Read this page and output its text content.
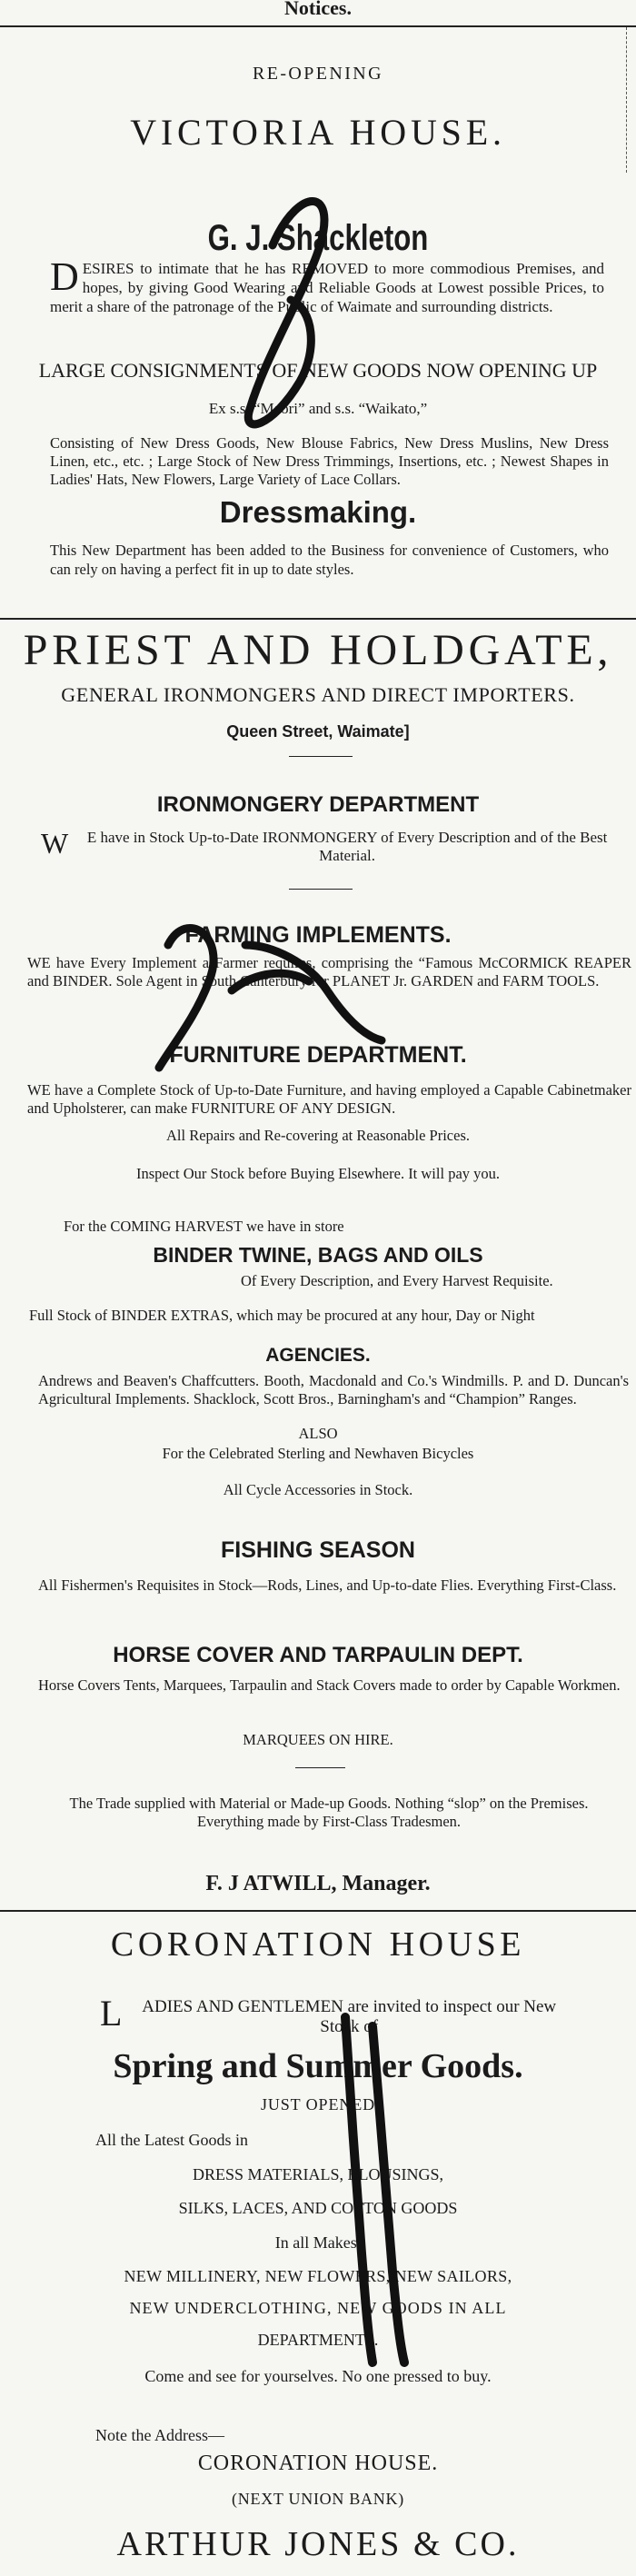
Notices.
RE-OPENING
VICTORIA HOUSE.
G. J. Shackleton
DESIRES to intimate that he has REMOVED to more commodious Premises, and hopes, by giving Good Wearing and Reliable Goods at Lowest possible Prices, to merit a share of the patronage of the Public of Waimate and surrounding districts.
LARGE CONSIGNMENTS OF NEW GOODS NOW OPENING UP
Ex s.s. “Maori” and s.s. “Waikato,”
Consisting of New Dress Goods, New Blouse Fabrics, New Dress Muslins, New Dress Linen, etc., etc. ; Large Stock of New Dress Trimmings, Insertions, etc. ; Newest Shapes in Ladies' Hats, New Flowers, Large Variety of Lace Collars.
Dressmaking.
This New Department has been added to the Business for convenience of Customers, who can rely on having a perfect fit in up to date styles.
PRIEST AND HOLDGATE,
GENERAL IRONMONGERS AND DIRECT IMPORTERS.
Queen Street, Waimate]
IRONMONGERY DEPARTMENT
W E have in Stock Up-to-Date IRONMONGERY of Every Description and of the Best Material.
FARMING IMPLEMENTS.
WE have Every Implement a Farmer requires, comprising the “Famous McCORMICK REAPER and BINDER. Sole Agent in South Canterbury for PLANET Jr. GARDEN and FARM TOOLS.
FURNITURE DEPARTMENT.
WE have a Complete Stock of Up-to-Date Furniture, and having employed a Capable Cabinetmaker and Upholsterer, can make FURNITURE OF ANY DESIGN.
All Repairs and Re-covering at Reasonable Prices.
Inspect Our Stock before Buying Elsewhere. It will pay you.
For the COMING HARVEST we have in store
BINDER TWINE, BAGS AND OILS
Of Every Description, and Every Harvest Requisite.
Full Stock of BINDER EXTRAS, which may be procured at any hour, Day or Night
AGENCIES.
Andrews and Beaven's Chaffcutters. Booth, Macdonald and Co.'s Windmills. P. and D. Duncan's Agricultural Implements. Shacklock, Scott Bros., Barningham's and “Champion” Ranges.
ALSO
For the Celebrated Sterling and Newhaven Bicycles
All Cycle Accessories in Stock.
FISHING SEASON
All Fishermen's Requisites in Stock—Rods, Lines, and Up-to-date Flies. Everything First-Class.
HORSE COVER AND TARPAULIN DEPT.
Horse Covers Tents, Marquees, Tarpaulin and Stack Covers made to order by Capable Workmen.
MARQUEES ON HIRE.
The Trade supplied with Material or Made-up Goods. Nothing “slop” on the Premises. Everything made by First-Class Tradesmen.
F. J ATWILL, Manager.
CORONATION HOUSE
L ADIES AND GENTLEMEN are invited to inspect our New Stock of
Spring and Summer Goods.
JUST OPENED
All the Latest Goods in
DRESS MATERIALS, BLOUSINGS,
SILKS, LACES, AND COTTON GOODS
In all Makes.
NEW MILLINERY, NEW FLOWERS, NEW SAILORS,
NEW UNDERCLOTHING, NEW GOODS IN ALL
DEPARTMENTS.
Come and see for yourselves. No one pressed to buy.
Note the Address—
CORONATION HOUSE.
(NEXT UNION BANK)
ARTHUR JONES & CO.
